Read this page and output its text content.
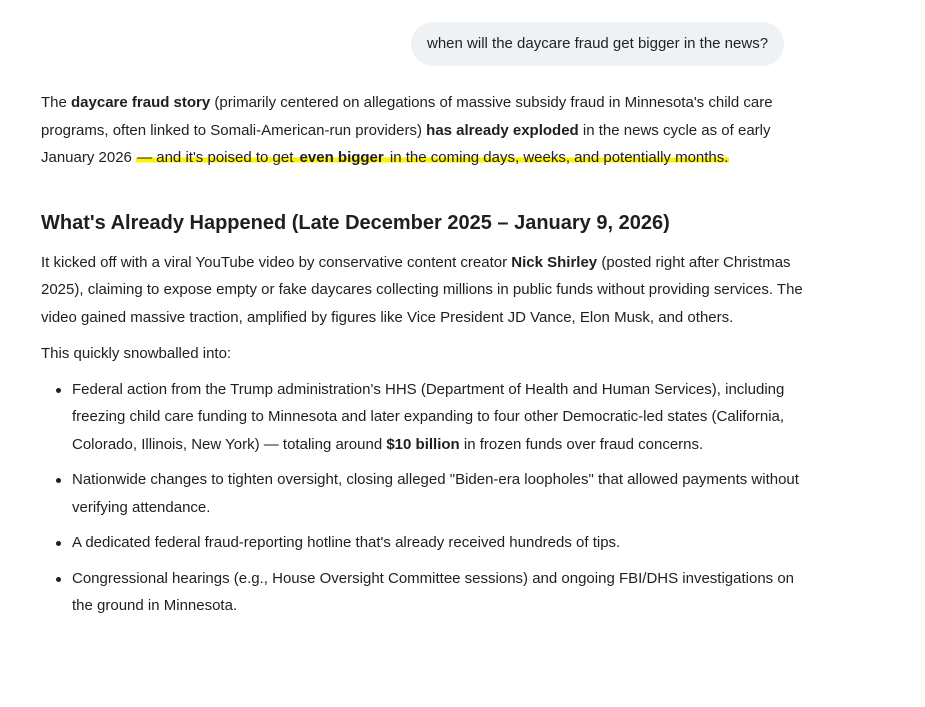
when will the daycare fraud get bigger in the news?

The daycare fraud story (primarily centered on allegations of massive subsidy fraud in Minnesota's child care programs, often linked to Somali-American-run providers) has already exploded in the news cycle as of early January 2026 — and it's poised to get even bigger in the coming days, weeks, and potentially months.

What's Already Happened (Late December 2025 – January 9, 2026)

It kicked off with a viral YouTube video by conservative content creator Nick Shirley (posted right after Christmas 2025), claiming to expose empty or fake daycares collecting millions in public funds without providing services. The video gained massive traction, amplified by figures like Vice President JD Vance, Elon Musk, and others.

This quickly snowballed into:

Federal action from the Trump administration's HHS (Department of Health and Human Services), including freezing child care funding to Minnesota and later expanding to four other Democratic-led states (California, Colorado, Illinois, New York) — totaling around $10 billion in frozen funds over fraud concerns.
Nationwide changes to tighten oversight, closing alleged "Biden-era loopholes" that allowed payments without verifying attendance.
A dedicated federal fraud-reporting hotline that's already received hundreds of tips.
Congressional hearings (e.g., House Oversight Committee sessions) and ongoing FBI/DHS investigations on the ground in Minnesota.
